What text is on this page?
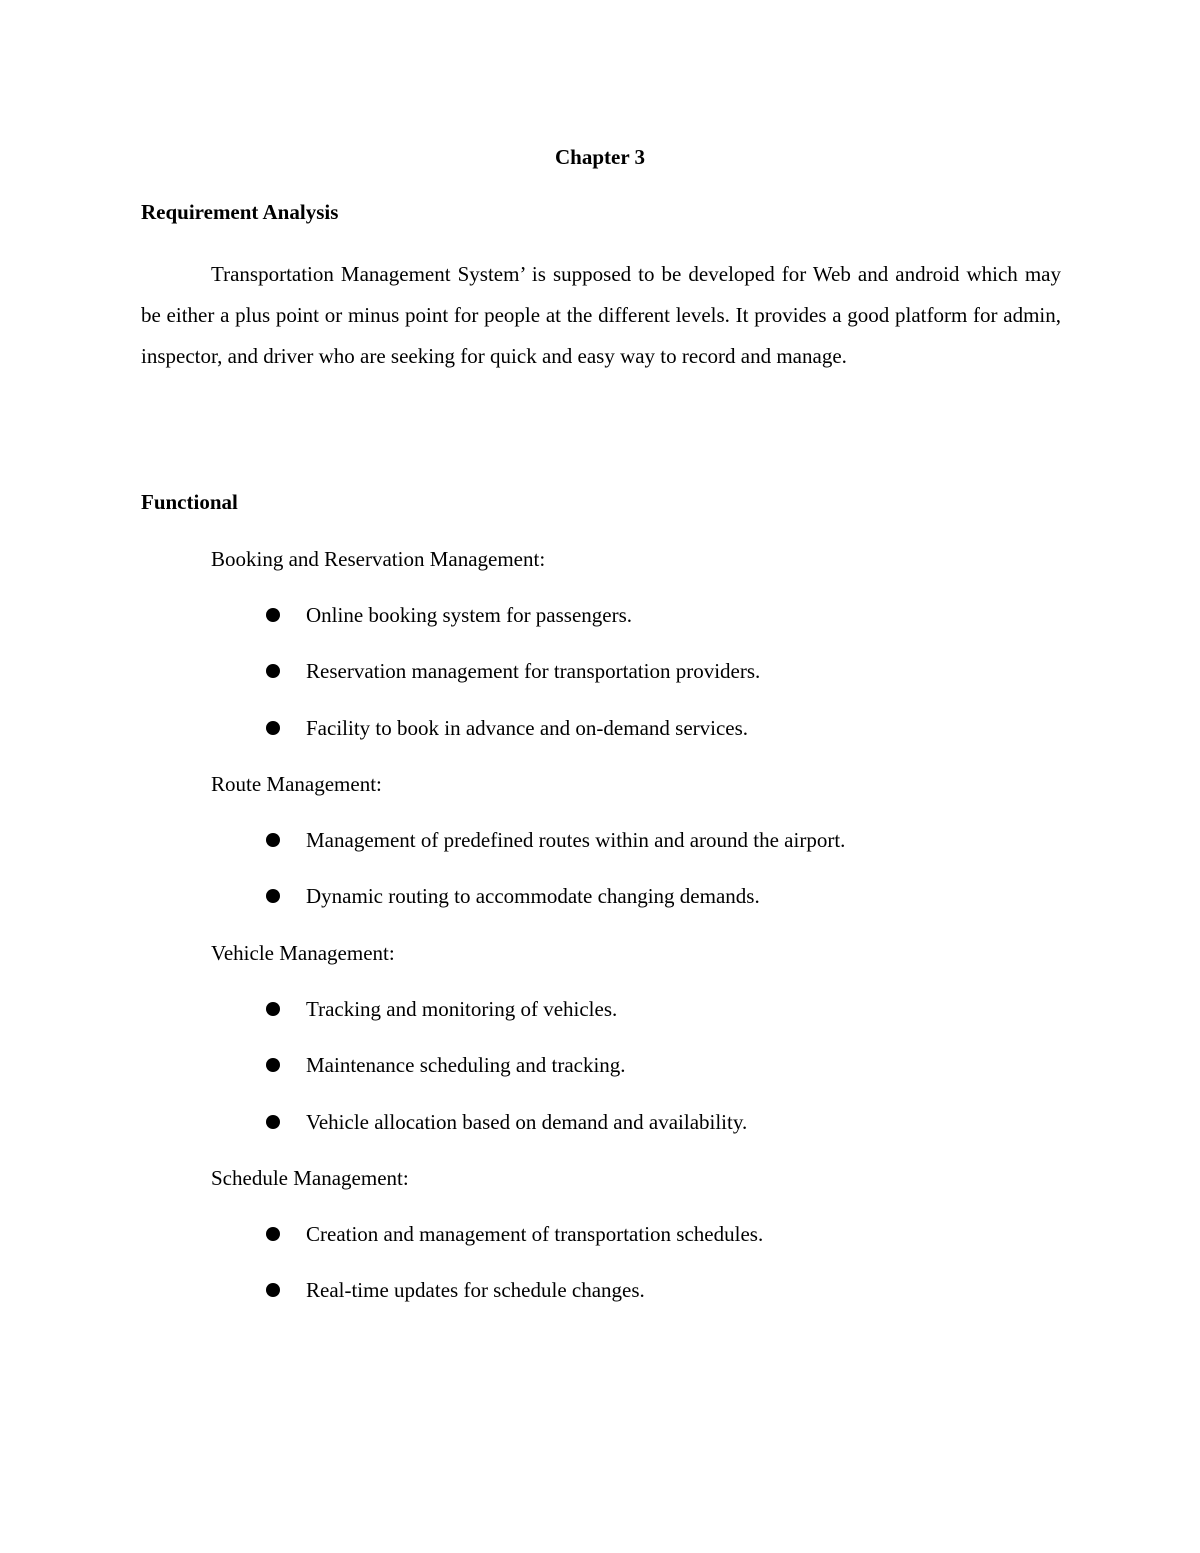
Chapter 3
Requirement Analysis

Transportation Management System’ is supposed to be developed for Web and android which may be either a plus point or minus point for people at the different levels. It provides a good platform for admin, inspector, and driver who are seeking for quick and easy way to record and manage.

Functional
Booking and Reservation Management:
Online booking system for passengers.
Reservation management for transportation providers.
Facility to book in advance and on-demand services.
Route Management:
Management of predefined routes within and around the airport.
Dynamic routing to accommodate changing demands.
Vehicle Management:
Tracking and monitoring of vehicles.
Maintenance scheduling and tracking.
Vehicle allocation based on demand and availability.
Schedule Management:
Creation and management of transportation schedules.
Real-time updates for schedule changes.
